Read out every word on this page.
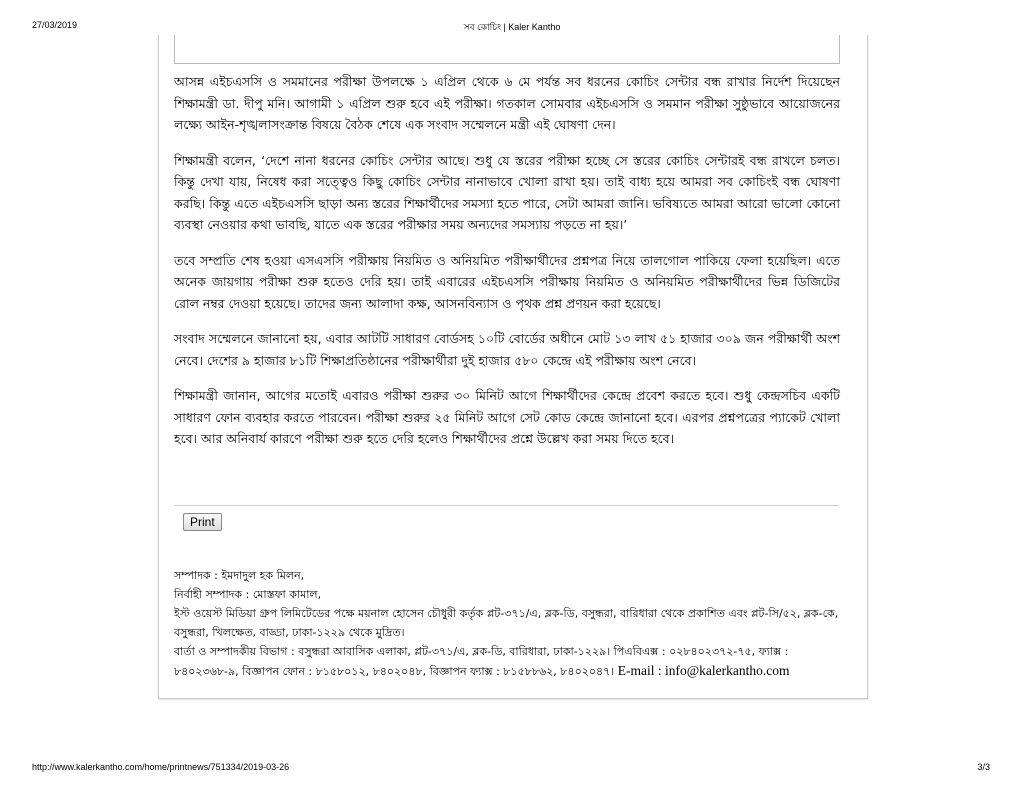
27/03/2019	সব কোচিং | Kaler Kantho

আসন্ন এইচএসসি ও সমমানের পরীক্ষা উপলক্ষে ১ এপ্রিল থেকে ৬ মে পর্যন্ত সব ধরনের কোচিং সেন্টার বন্ধ রাখার নির্দেশ দিয়েছেন শিক্ষামন্ত্রী ডা. দীপু মনি। আগামী ১ এপ্রিল শুরু হবে এই পরীক্ষা। গতকাল সোমবার এইচএসসি ও সমমান পরীক্ষা সুষ্ঠুভাবে আয়োজনের লক্ষ্যে আইন-শৃঙ্খলাসংক্রান্ত বিষয়ে বৈঠক শেষে এক সংবাদ সম্মেলনে মন্ত্রী এই ঘোষণা দেন।

শিক্ষামন্ত্রী বলেন, ‘দেশে নানা ধরনের কোচিং সেন্টার আছে। শুধু যে স্তরের পরীক্ষা হচ্ছে সে স্তরের কোচিং সেন্টারই বন্ধ রাখলে চলত। কিন্তু দেখা যায়, নিষেধ করা সত্ত্বেও কিছু কোচিং সেন্টার নানাভাবে খোলা রাখা হয়। তাই বাধ্য হয়ে আমরা সব কোচিংই বন্ধ ঘোষণা করছি। কিন্তু এতে এইচএসসি ছাড়া অন্য স্তরের শিক্ষার্থীদের সমস্যা হতে পারে, সেটা আমরা জানি। ভবিষ্যতে আমরা আরো ভালো কোনো ব্যবস্থা নেওয়ার কথা ভাবছি, যাতে এক স্তরের পরীক্ষার সময় অন্যদের সমস্যায় পড়তে না হয়।’

তবে সম্প্রতি শেষ হওয়া এসএসসি পরীক্ষায় নিয়মিত ও অনিয়মিত পরীক্ষার্থীদের প্রশ্নপত্র নিয়ে তালগোল পাকিয়ে ফেলা হয়েছিল। এতে অনেক জায়গায় পরীক্ষা শুরু হতেও দেরি হয়। তাই এবারের এইচএসসি পরীক্ষায় নিয়মিত ও অনিয়মিত পরীক্ষার্থীদের ভিন্ন ডিজিটের রোল নম্বর দেওয়া হয়েছে। তাদের জন্য আলাদা কক্ষ, আসনবিন্যাস ও পৃথক প্রশ্ন প্রণয়ন করা হয়েছে।

সংবাদ সম্মেলনে জানানো হয়, এবার আটটি সাধারণ বোর্ডসহ ১০টি বোর্ডের অধীনে মোট ১৩ লাখ ৫১ হাজার ৩০৯ জন পরীক্ষার্থী অংশ নেবে। দেশের ৯ হাজার ৮১টি শিক্ষাপ্রতিষ্ঠানের পরীক্ষার্থীরা দুই হাজার ৫৮০ কেন্দ্রে এই পরীক্ষায় অংশ নেবে।

শিক্ষামন্ত্রী জানান, আগের মতোই এবারও পরীক্ষা শুরুর ৩০ মিনিট আগে শিক্ষার্থীদের কেন্দ্রে প্রবেশ করতে হবে। শুধু কেন্দ্রসচিব একটি সাধারণ ফোন ব্যবহার করতে পারবেন। পরীক্ষা শুরুর ২৫ মিনিট আগে সেট কোড কেন্দ্রে জানানো হবে। এরপর প্রশ্নপত্রের প্যাকেট খোলা হবে। আর অনিবার্য কারণে পরীক্ষা শুরু হতে দেরি হলেও শিক্ষার্থীদের প্রশ্নে উল্লেখ করা সময় দিতে হবে।

Print
সম্পাদক : ইমদাদুল হক মিলন,
নির্বাহী সম্পাদক : মোস্তফা কামাল,
ইস্ট ওয়েস্ট মিডিয়া গ্রুপ লিমিটেডের পক্ষে ময়নাল হোসেন চৌধুরী কর্তৃক প্লট-৩৭১/এ, ব্লক-ডি, বসুন্ধরা, বারিধারা থেকে প্রকাশিত এবং প্লট-সি/৫২, ব্লক-কে, বসুন্ধরা, খিলক্ষেত, বাড্ডা, ঢাকা-১২২৯ থেকে মুদ্রিত।
বার্তা ও সম্পাদকীয় বিভাগ : বসুন্ধরা আবাসিক এলাকা, প্লট-৩৭১/এ, ব্লক-ডি, বারিধারা, ঢাকা-১২২৯। পিএবিএক্স : ০২৮৪০২৩৭২-৭৫, ফ্যাক্স : ৮৪০২৩৬৮-৯, বিজ্ঞাপন ফোন : ৮১৫৮০১২, ৮৪০২০৪৮, বিজ্ঞাপন ফ্যাক্স : ৮১৫৮৮৬২, ৮৪০২০৪৭। E-mail : info@kalerkantho.com
http://www.kalerkantho.com/home/printnews/751334/2019-03-26	3/3
